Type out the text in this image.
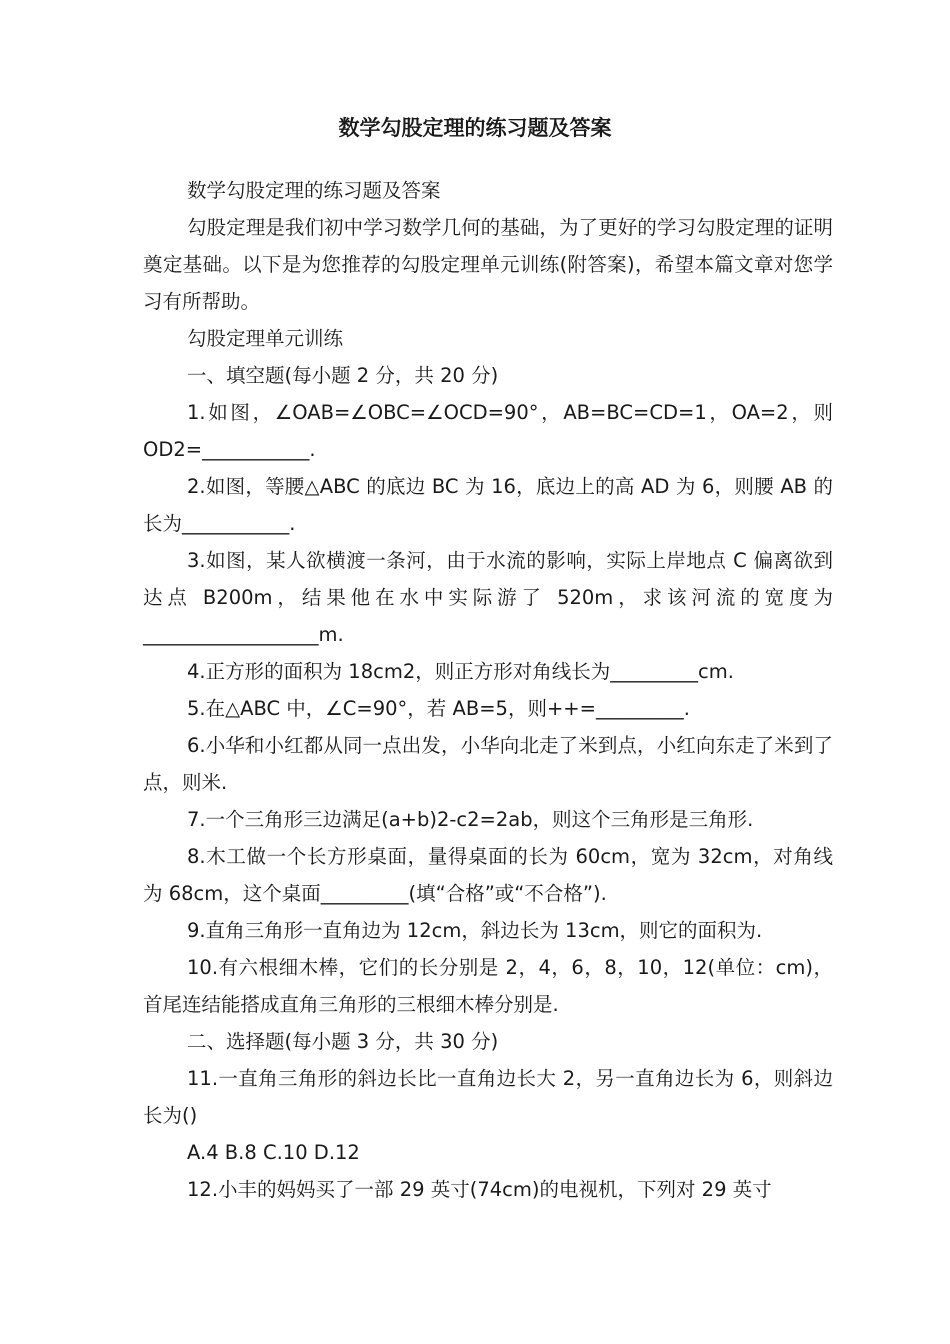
数学勾股定理的练习题及答案

数学勾股定理的练习题及答案

勾股定理是我们初中学习数学几何的基础，为了更好的学习勾股定理的证明奠定基础。以下是为您推荐的勾股定理单元训练(附答案)，希望本篇文章对您学习有所帮助。

勾股定理单元训练

一、填空题(每小题 2 分，共 20 分)

1.如图，∠OAB=∠OBC=∠OCD=90°，AB=BC=CD=1，OA=2，则 OD2=___________.

2.如图，等腰△ABC 的底边 BC 为 16，底边上的高 AD 为 6，则腰 AB 的长为___________.

3.如图，某人欲横渡一条河，由于水流的影响，实际上岸地点 C 偏离欲到达点 B200m，结果他在水中实际游了 520m，求该河流的宽度为__________________m.

4.正方形的面积为 18cm2，则正方形对角线长为_________cm.

5.在△ABC 中，∠C=90°，若 AB=5，则++=_________.

6.小华和小红都从同一点出发，小华向北走了米到点，小红向东走了米到了点，则米.

7.一个三角形三边满足(a+b)2-c2=2ab，则这个三角形是三角形.

8.木工做一个长方形桌面，量得桌面的长为 60cm，宽为 32cm，对角线为 68cm，这个桌面_________(填“合格”或“不合格”).

9.直角三角形一直角边为 12cm，斜边长为 13cm，则它的面积为.

10.有六根细木棒，它们的长分别是 2，4，6，8，10，12(单位：cm)，首尾连结能搭成直角三角形的三根细木棒分别是.

二、选择题(每小题 3 分，共 30 分)

11.一直角三角形的斜边长比一直角边长大 2，另一直角边长为 6，则斜边长为()

A.4 B.8 C.10 D.12

12.小丰的妈妈买了一部 29 英寸(74cm)的电视机，下列对 29 英寸
